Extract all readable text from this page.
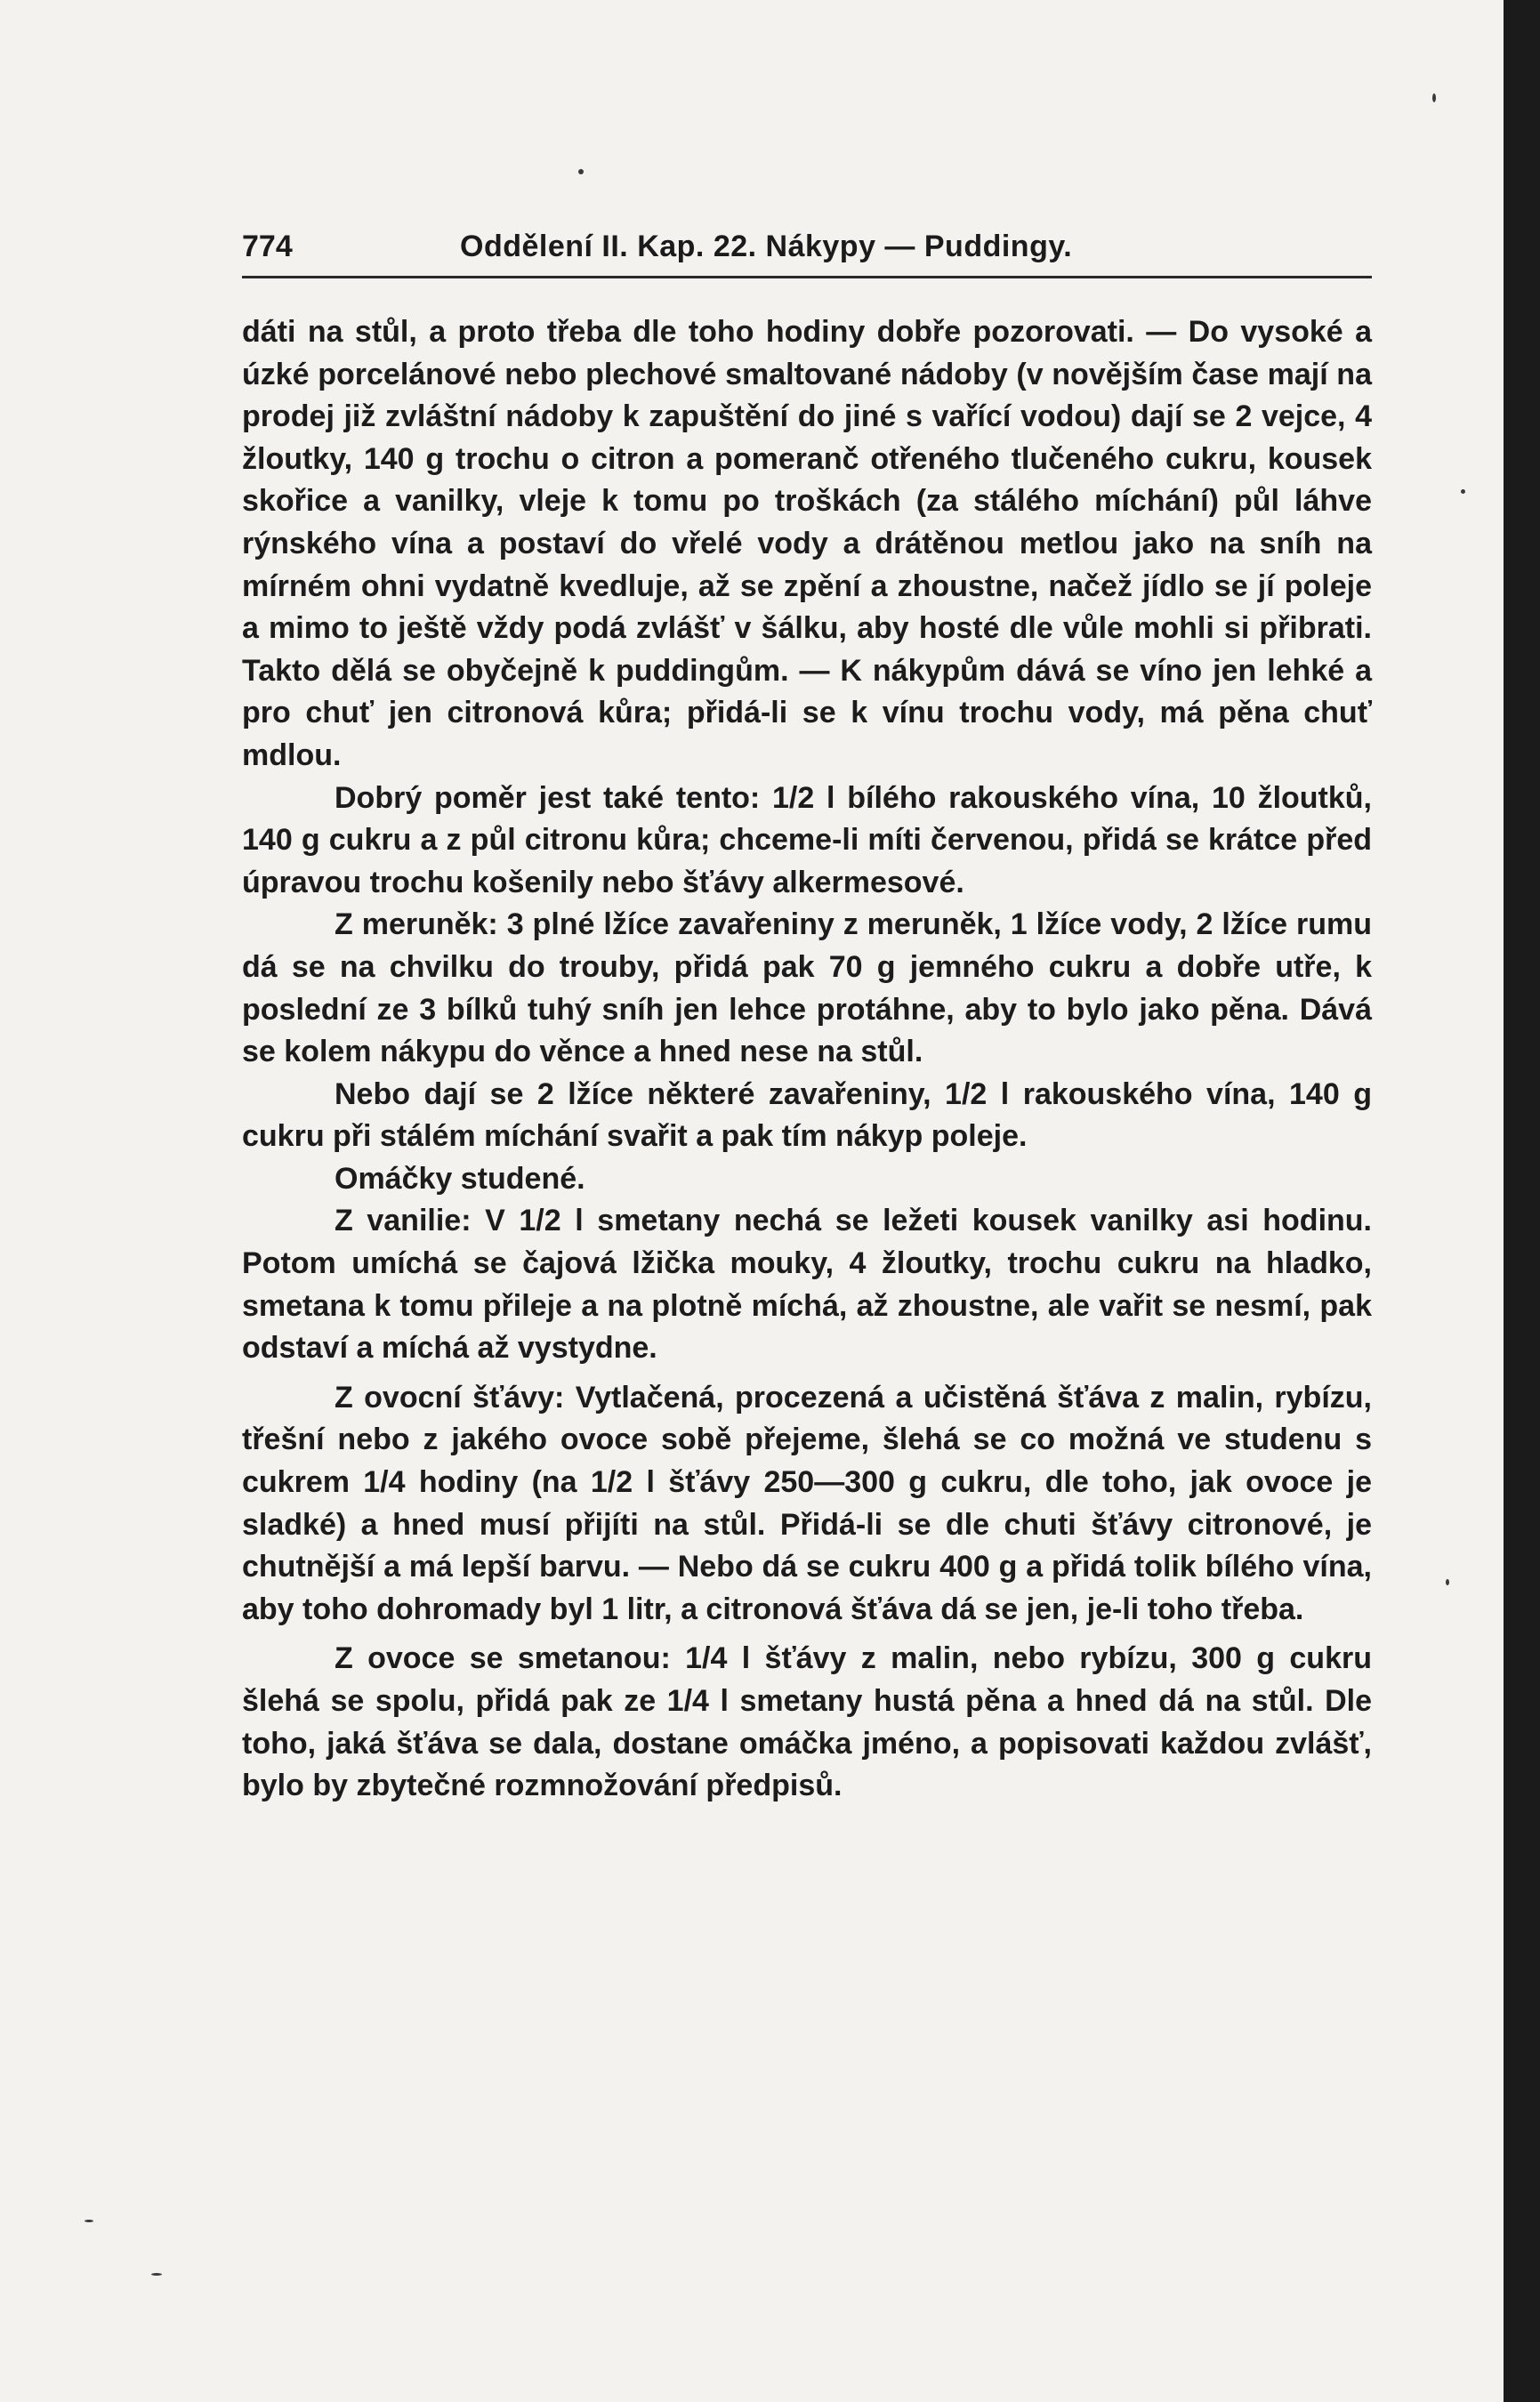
774	Oddělení II. Kap. 22. Nákypy — Puddingy.

dáti na stůl, a proto třeba dle toho hodiny dobře pozorovati. — Do vysoké a úzké porcelánové nebo plechové smaltované nádoby (v novějším čase mají na prodej již zvláštní nádoby k zapuštění do jiné s vařící vodou) dají se 2 vejce, 4 žloutky, 140 g trochu o citron a pomeranč otřeného tlučeného cukru, kousek skořice a vanilky, vleje k tomu po troškách (za stálého míchání) půl láhve rýnského vína a postaví do vřelé vody a drátěnou metlou jako na sníh na mírném ohni vydatně kvedluje, až se zpění a zhoustne, načež jídlo se jí poleje a mimo to ještě vždy podá zvlášť v šálku, aby hosté dle vůle mohli si přibrati. Takto dělá se obyčejně k puddingům. — K nákypům dává se víno jen lehké a pro chuť jen citronová kůra; přidá-li se k vínu trochu vody, má pěna chuť mdlou.

Dobrý poměr jest také tento: 1/2 l bílého rakouského vína, 10 žloutků, 140 g cukru a z půl citronu kůra; chceme-li míti červenou, přidá se krátce před úpravou trochu košenily nebo šťávy alkermesové.

Z meruněk: 3 plné lžíce zavařeniny z meruněk, 1 lžíce vody, 2 lžíce rumu dá se na chvilku do trouby, přidá pak 70 g jemného cukru a dobře utře, k poslední ze 3 bílků tuhý sníh jen lehce protáhne, aby to bylo jako pěna. Dává se kolem nákypu do věnce a hned nese na stůl.

Nebo dají se 2 lžíce některé zavařeniny, 1/2 l rakouského vína, 140 g cukru při stálém míchání svařit a pak tím nákyp poleje.

Omáčky studené.

Z vanilie: V 1/2 l smetany nechá se ležeti kousek vanilky asi hodinu. Potom umíchá se čajová lžička mouky, 4 žloutky, trochu cukru na hladko, smetana k tomu přileje a na plotně míchá, až zhoustne, ale vařit se nesmí, pak odstaví a míchá až vystydne.

Z ovocní šťávy: Vytlačená, procezená a učistěná šťáva z malin, rybízu, třešní nebo z jakého ovoce sobě přejeme, šlehá se co možná ve studenu s cukrem 1/4 hodiny (na 1/2 l šťávy 250—300 g cukru, dle toho, jak ovoce je sladké) a hned musí přijíti na stůl. Přidá-li se dle chuti šťávy citronové, je chutnější a má lepší barvu. — Nebo dá se cukru 400 g a přidá tolik bílého vína, aby toho dohromady byl 1 litr, a citronová šťáva dá se jen, je-li toho třeba.

Z ovoce se smetanou: 1/4 l šťávy z malin, nebo rybízu, 300 g cukru šlehá se spolu, přidá pak ze 1/4 l smetany hustá pěna a hned dá na stůl. Dle toho, jaká šťáva se dala, dostane omáčka jméno, a popisovati každou zvlášť, bylo by zbytečné rozmnožování předpisů.
